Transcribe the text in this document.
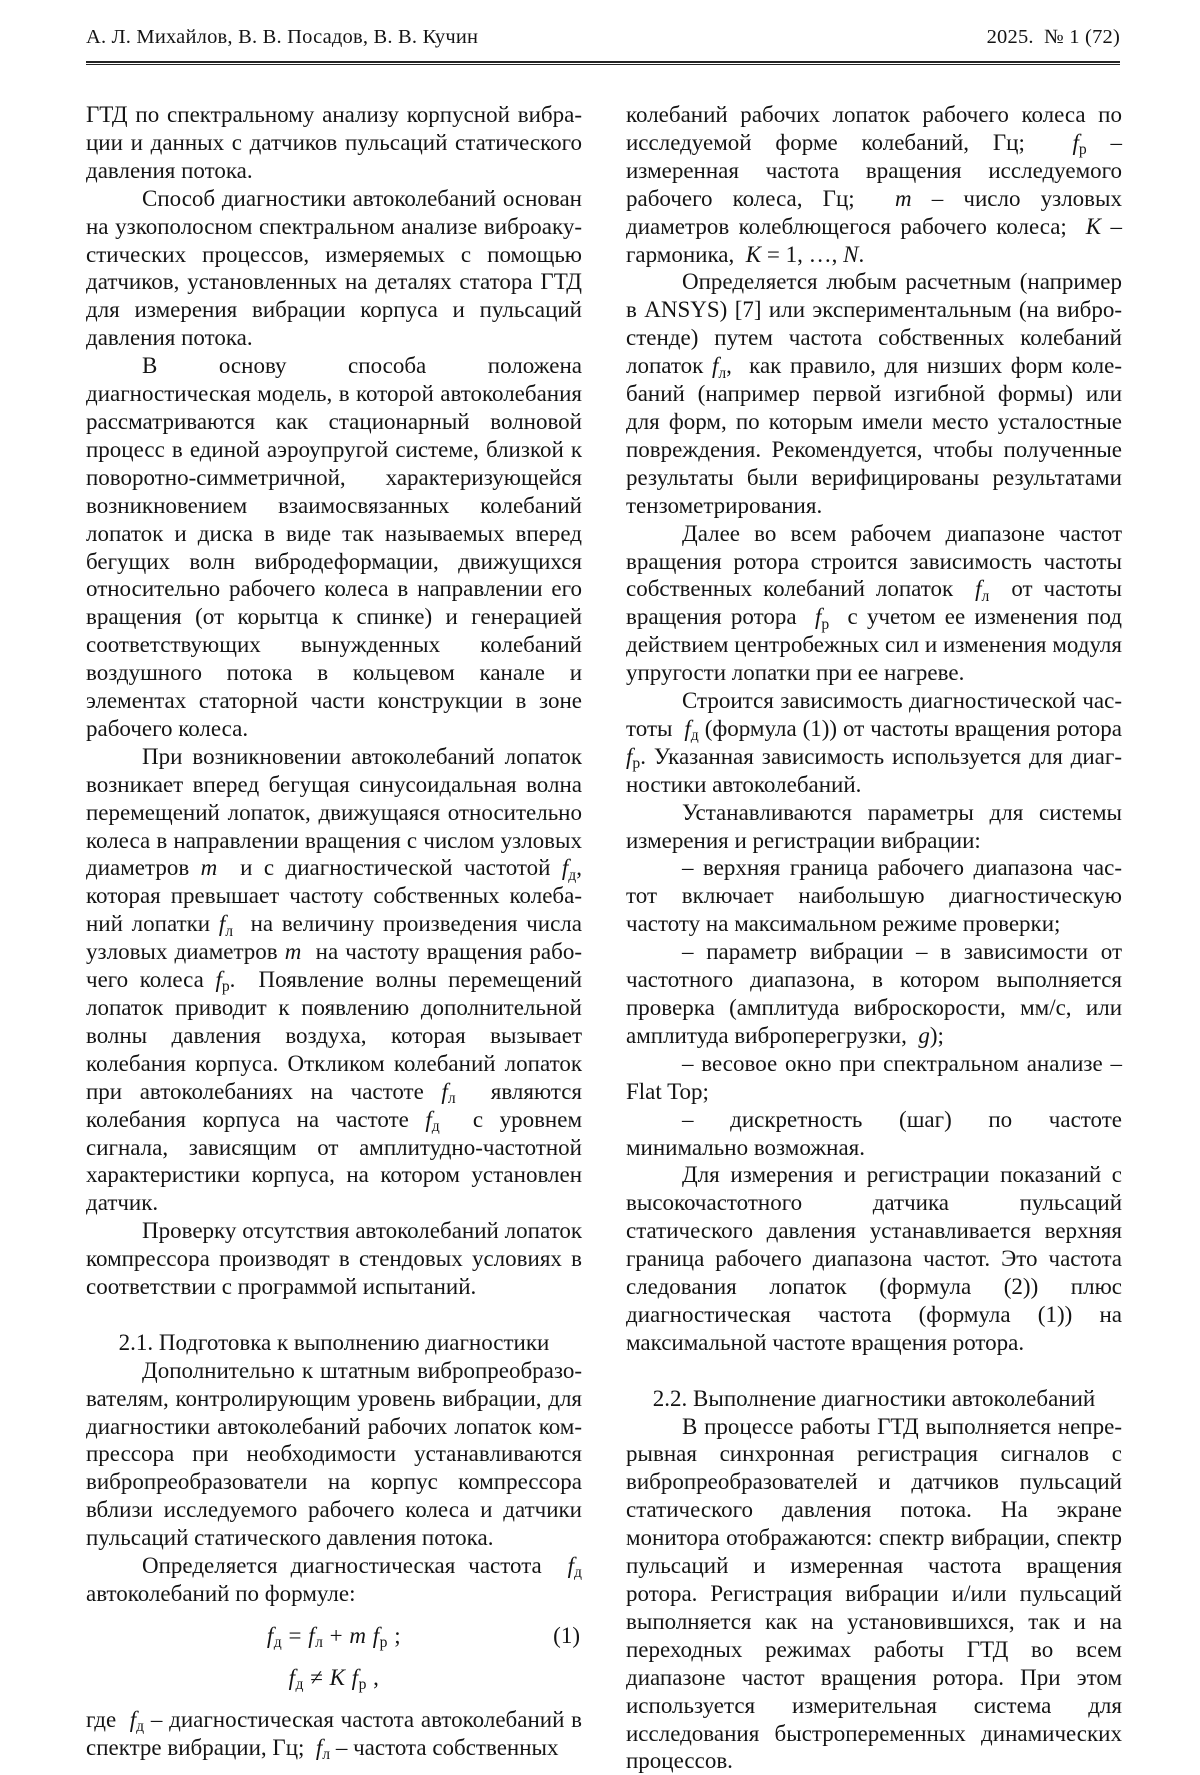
А. Л. Михайлов, В. В. Посадов, В. В. Кучин	2025. № 1 (72)

ГТД по спектральному анализу корпусной вибрации и данных с датчиков пульсаций статического давления потока.

Способ диагностики автоколебаний основан на узкополосном спектральном анализе виброакустических процессов, измеряемых с помощью датчиков, установленных на деталях статора ГТД для измерения вибрации корпуса и пульсаций давления потока.

В основу способа положена диагностическая модель, в которой автоколебания рассматриваются как стационарный волновой процесс в единой аэроупругой системе, близкой к поворотно-симметричной, характеризующейся возникновением взаимосвязанных колебаний лопаток и диска в виде так называемых вперед бегущих волн вибродеформации, движущихся относительно рабочего колеса в направлении его вращения (от корытца к спинке) и генерацией соответствующих вынужденных колебаний воздушного потока в кольцевом канале и элементах статорной части конструкции в зоне рабочего колеса.

При возникновении автоколебаний лопаток возникает вперед бегущая синусоидальная волна перемещений лопаток, движущаяся относительно колеса в направлении вращения с числом узловых диаметров m  и с диагностической частотой $f_д$, которая превышает частоту собственных колебаний лопатки $f_л$  на величину произведения числа узловых диаметров m  на частоту вращения рабочего колеса $f_р$.  Появление волны перемещений лопаток приводит к появлению дополнительной волны давления воздуха, которая вызывает колебания корпуса. Откликом колебаний лопаток при автоколебаниях на частоте $f_л$  являются колебания корпуса на частоте $f_д$  с уровнем сигнала, зависящим от амплитудно-частотной характеристики корпуса, на котором установлен датчик.

Проверку отсутствия автоколебаний лопаток компрессора производят в стендовых условиях в соответствии с программой испытаний.

2.1. Подготовка к выполнению диагностики

Дополнительно к штатным вибропреобразователям, контролирующим уровень вибрации, для диагностики автоколебаний рабочих лопаток компрессора при необходимости устанавливаются вибропреобразователи на корпус компрессора вблизи исследуемого рабочего колеса и датчики пульсаций статического давления потока.

Определяется диагностическая частота  $f_д$ автоколебаний по формуле:

$f_д = f_л + m$ $f_р$ ;	(1)
$f_д \ne K$ $f_р$ ,

где  $f_д$ – диагностическая частота автоколебаний в спектре вибрации, Гц;  $f_л$ – частота собственных

колебаний рабочих лопаток рабочего колеса по исследуемой форме колебаний, Гц;  $f_р$ – измеренная частота вращения исследуемого рабочего колеса, Гц;  m – число узловых диаметров колеблющегося рабочего колеса;  K – гармоника,  K = 1, …, N.

Определяется любым расчетным (например в ANSYS) [7] или экспериментальным (на вибростенде) путем частота собственных колебаний лопаток $f_л$,  как правило, для низших форм колебаний (например первой изгибной формы) или для форм, по которым имели место усталостные повреждения. Рекомендуется, чтобы полученные результаты были верифицированы результатами тензометрирования.

Далее во всем рабочем диапазоне частот вращения ротора строится зависимость частоты собственных колебаний лопаток  $f_л$  от частоты вращения ротора  $f_р$  с учетом ее изменения под действием центробежных сил и изменения модуля упругости лопатки при ее нагреве.

Строится зависимость диагностической частоты  $f_д$ (формула (1)) от частоты вращения ротора $f_р$. Указанная зависимость используется для диагностики автоколебаний.

Устанавливаются параметры для системы измерения и регистрации вибрации:

– верхняя граница рабочего диапазона частот включает наибольшую диагностическую частоту на максимальном режиме проверки;

– параметр вибрации – в зависимости от частотного диапазона, в котором выполняется проверка (амплитуда виброскорости, мм/с, или амплитуда виброперегрузки,  g);

– весовое окно при спектральном анализе – Flat Top;

– дискретность (шаг) по частоте минимально возможная.

Для измерения и регистрации показаний с высокочастотного датчика пульсаций статического давления устанавливается верхняя граница рабочего диапазона частот. Это частота следования лопаток (формула (2)) плюс диагностическая частота (формула (1)) на максимальной частоте вращения ротора.

2.2. Выполнение диагностики автоколебаний

В процессе работы ГТД выполняется непрерывная синхронная регистрация сигналов с вибропреобразователей и датчиков пульсаций статического давления потока. На экране монитора отображаются: спектр вибрации, спектр пульсаций и измеренная частота вращения ротора. Регистрация вибрации и/или пульсаций выполняется как на установившихся, так и на переходных режимах работы ГТД во всем диапазоне частот вращения ротора. При этом используется измерительная система для исследования быстропеременных динамических процессов.
